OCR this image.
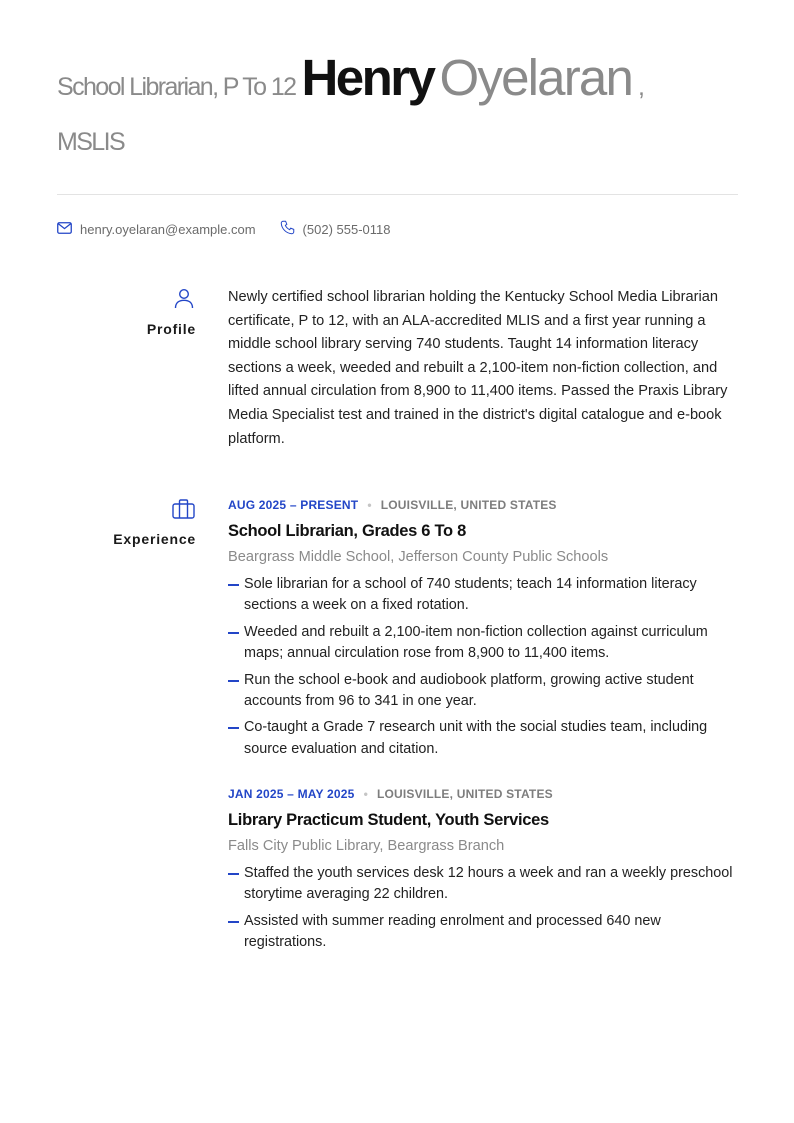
School Librarian, P To 12 Henry Oyelaran ,
MSLIS
henry.oyelaran@example.com	(502) 555-0118
Profile
Newly certified school librarian holding the Kentucky School Media Librarian certificate, P to 12, with an ALA-accredited MLIS and a first year running a middle school library serving 740 students. Taught 14 information literacy sections a week, weeded and rebuilt a 2,100-item non-fiction collection, and lifted annual circulation from 8,900 to 11,400 items. Passed the Praxis Library Media Specialist test and trained in the district's digital catalogue and e-book platform.
Experience
AUG 2025 – PRESENT • LOUISVILLE, UNITED STATES
School Librarian, Grades 6 To 8
Beargrass Middle School, Jefferson County Public Schools
Sole librarian for a school of 740 students; teach 14 information literacy sections a week on a fixed rotation.
Weeded and rebuilt a 2,100-item non-fiction collection against curriculum maps; annual circulation rose from 8,900 to 11,400 items.
Run the school e-book and audiobook platform, growing active student accounts from 96 to 341 in one year.
Co-taught a Grade 7 research unit with the social studies team, including source evaluation and citation.
JAN 2025 – MAY 2025 • LOUISVILLE, UNITED STATES
Library Practicum Student, Youth Services
Falls City Public Library, Beargrass Branch
Staffed the youth services desk 12 hours a week and ran a weekly preschool storytime averaging 22 children.
Assisted with summer reading enrolment and processed 640 new registrations.
